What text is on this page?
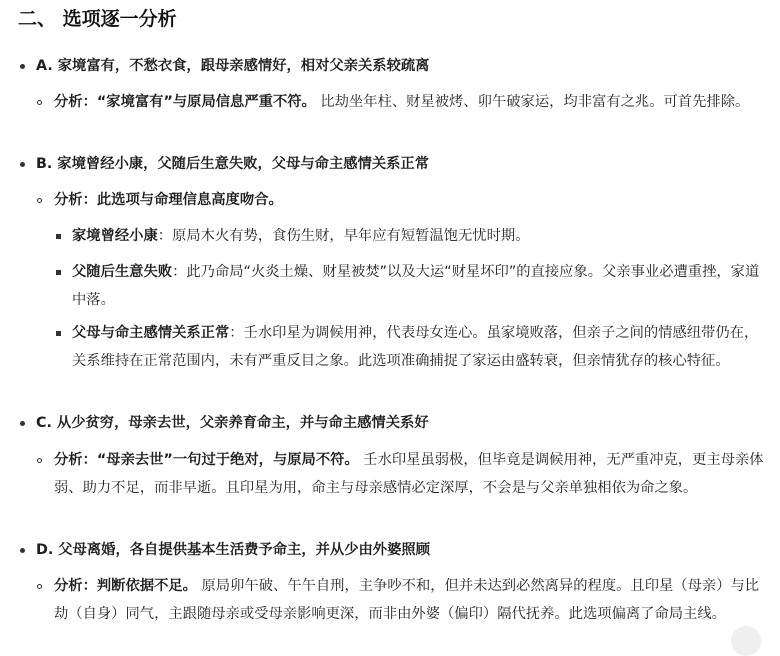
二、 选项逐一分析
A. 家境富有，不愁衣食，跟母亲感情好，相对父亲关系较疏离
分析：“家境富有”与原局信息严重不符。 比劫坐年柱、财星被烤、卯午破家运，均非富有之兆。可首先排除。
B. 家境曾经小康，父随后生意失败，父母与命主感情关系正常
分析：此选项与命理信息高度吻合。
家境曾经小康：原局木火有势，食伤生财，早年应有短暂温饱无忧时期。
父随后生意失败：此乃命局“火炎土燥、财星被焚”以及大运“财星坏印”的直接应象。父亲事业必遭重挫，家道中落。
父母与命主感情关系正常：壬水印星为调候用神，代表母女连心。虽家境败落，但亲子之间的情感纽带仍在，关系维持在正常范围内，未有严重反目之象。此选项准确捕捉了家运由盛转衰，但亲情犹存的核心特征。
C. 从少贫穷，母亲去世，父亲养育命主，并与命主感情关系好
分析：“母亲去世”一句过于绝对，与原局不符。 壬水印星虽弱极，但毕竟是调候用神，无严重冲克，更主母亲体弱、助力不足，而非早逝。且印星为用，命主与母亲感情必定深厚，不会是与父亲单独相依为命之象。
D. 父母离婚，各自提供基本生活费予命主，并从少由外婆照顾
分析：判断依据不足。 原局卯午破、午午自刑，主争吵不和，但并未达到必然离异的程度。且印星（母亲）与比劫（自身）同气，主跟随母亲或受母亲影响更深，而非由外婆（偏印）隔代抚养。此选项偏离了命局主线。
